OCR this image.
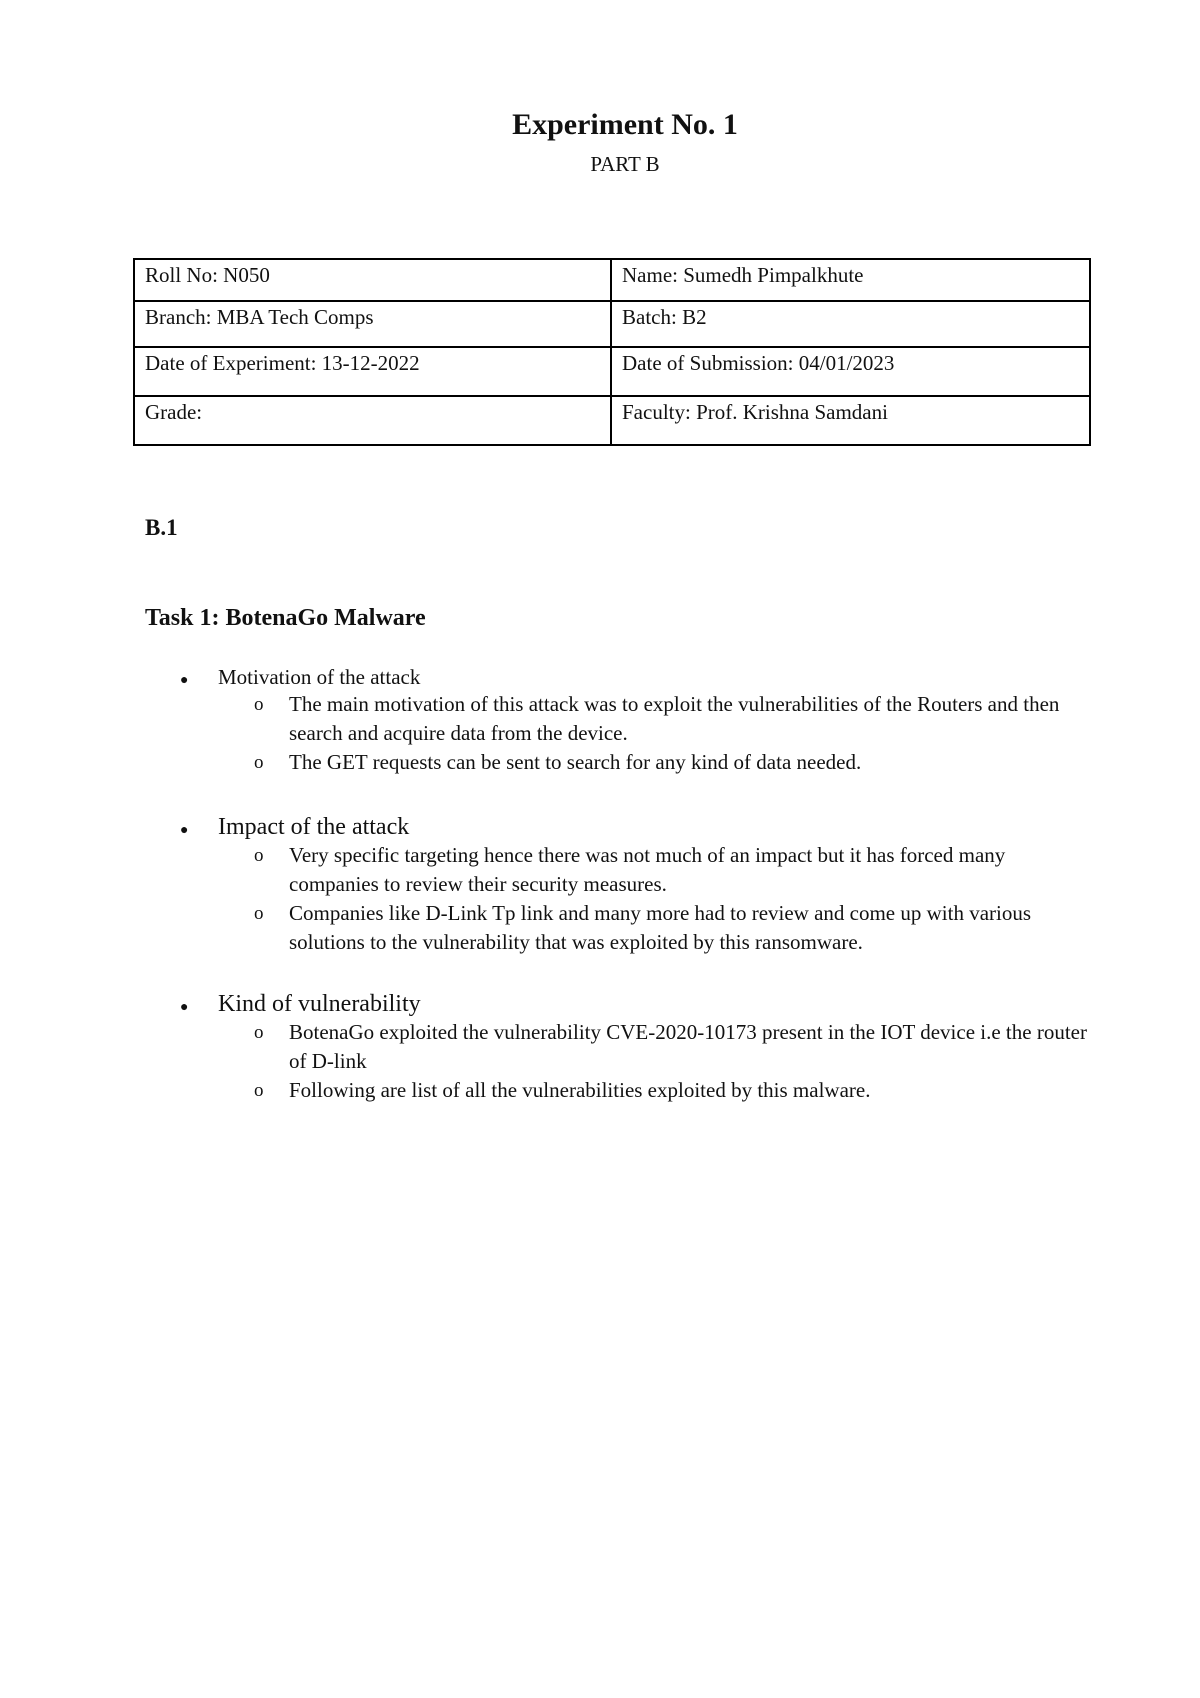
Experiment No. 1
PART B
Roll No: N050	Name: Sumedh Pimpalkhute
Branch: MBA Tech Comps	Batch: B2
Date of Experiment: 13-12-2022	Date of Submission: 04/01/2023
Grade:	Faculty: Prof. Krishna Samdani
B.1
Task 1: BotenaGo Malware
●	Motivation of the attack
o	The main motivation of this attack was to exploit the vulnerabilities of the Routers and then search and acquire data from the device.
o	The GET requests can be sent to search for any kind of data needed.
●	Impact of the attack
o	Very specific targeting hence there was not much of an impact but it has forced many companies to review their security measures.
o	Companies like D-Link Tp link and many more had to review and come up with various solutions to the vulnerability that was exploited by this ransomware.
●	Kind of vulnerability
o	BotenaGo exploited the vulnerability CVE-2020-10173 present in the IOT device i.e the router of D-link
o	Following are list of all the vulnerabilities exploited by this malware.
